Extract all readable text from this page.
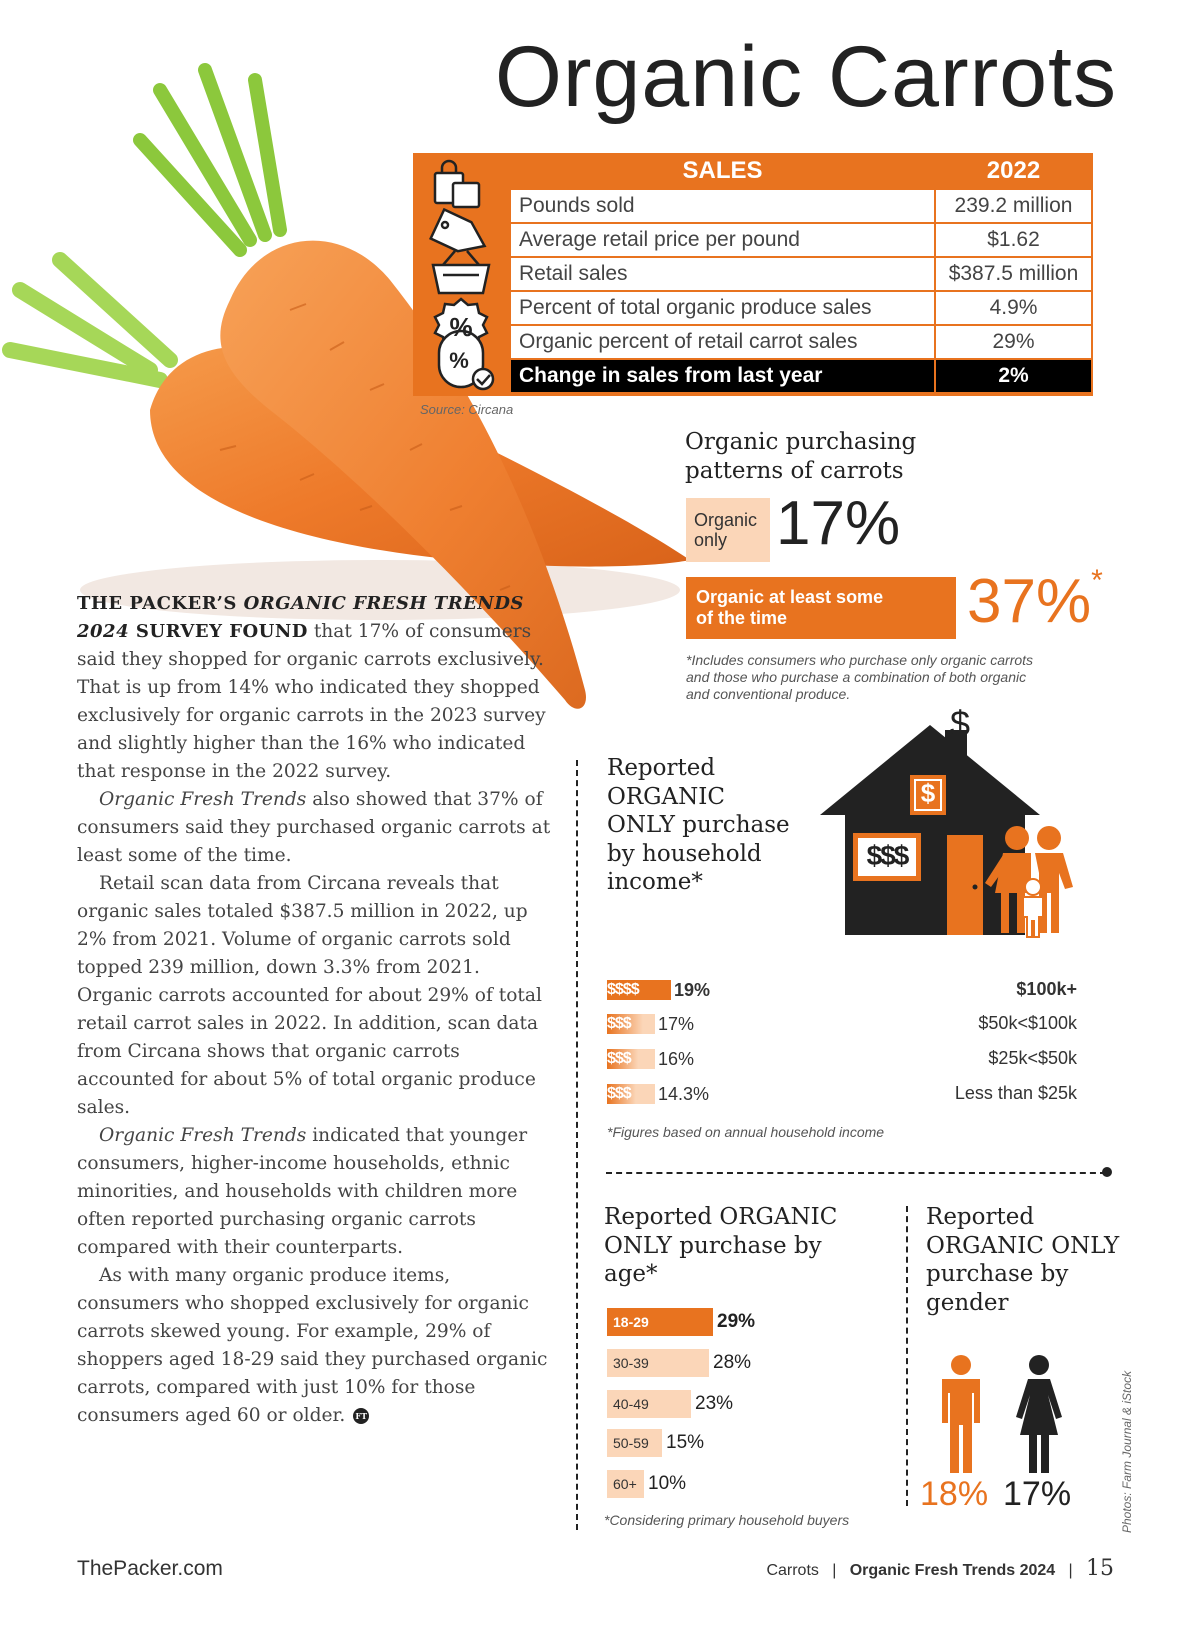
Organic Carrots
%
%
SALES	2022
Pounds sold	239.2 million
Average retail price per pound	$1.62
Retail sales	$387.5 million
Percent of total organic produce sales	4.9%
Organic percent of retail carrot sales	29%
Change in sales from last year	2%
Source: Circana
Organic purchasing
patterns of carrots
Organic
only 17%
Organic at least some
of the time	37%*
*Includes consumers who purchase only organic carrots
and those who purchase a combination of both organic
and conventional produce.

THE PACKER’S ORGANIC FRESH TRENDS 2024 SURVEY FOUND that 17% of consumers said they shopped for organic carrots exclusively. That is up from 14% who indicated they shopped exclusively for organic carrots in the 2023 survey and slightly higher than the 16% who indicated that response in the 2022 survey.

Organic Fresh Trends also showed that 37% of consumers said they purchased organic carrots at least some of the time.

Retail scan data from Circana reveals that organic sales totaled $387.5 million in 2022, up 2% from 2021. Volume of organic carrots sold topped 239 million, down 3.3% from 2021. Organic carrots accounted for about 29% of total retail carrot sales in 2022. In addition, scan data from Circana shows that organic carrots accounted for about 5% of total organic produce sales.

Organic Fresh Trends indicated that younger consumers, higher-income households, ethnic minorities, and households with children more often reported purchasing organic carrots compared with their counterparts.

As with many organic produce items, consumers who shopped exclusively for organic carrots skewed young. For example, 29% of shoppers aged 18-29 said they purchased organic carrots, compared with just 10% for those consumers aged 60 or older. FT

Reported
ORGANIC
ONLY purchase
by household
income*
$
$
$$$
$$$$ 19%	$100k+
$$$ 17%	$50k<$100k
$$$ 16%	$25k<$50k
$$$ 14.3%	Less than $25k
*Figures based on annual household income
Reported ORGANIC
ONLY purchase by
age*
18-29	29%
30-39	28%
40-49 23%
50-59 15%
60+ 10%
*Considering primary household buyers
Reported
ORGANIC ONLY
purchase by
gender
18% 17%	Photos: Farm Journal & iStock
ThePacker.com	Carrots | Organic Fresh Trends 2024 | 15
